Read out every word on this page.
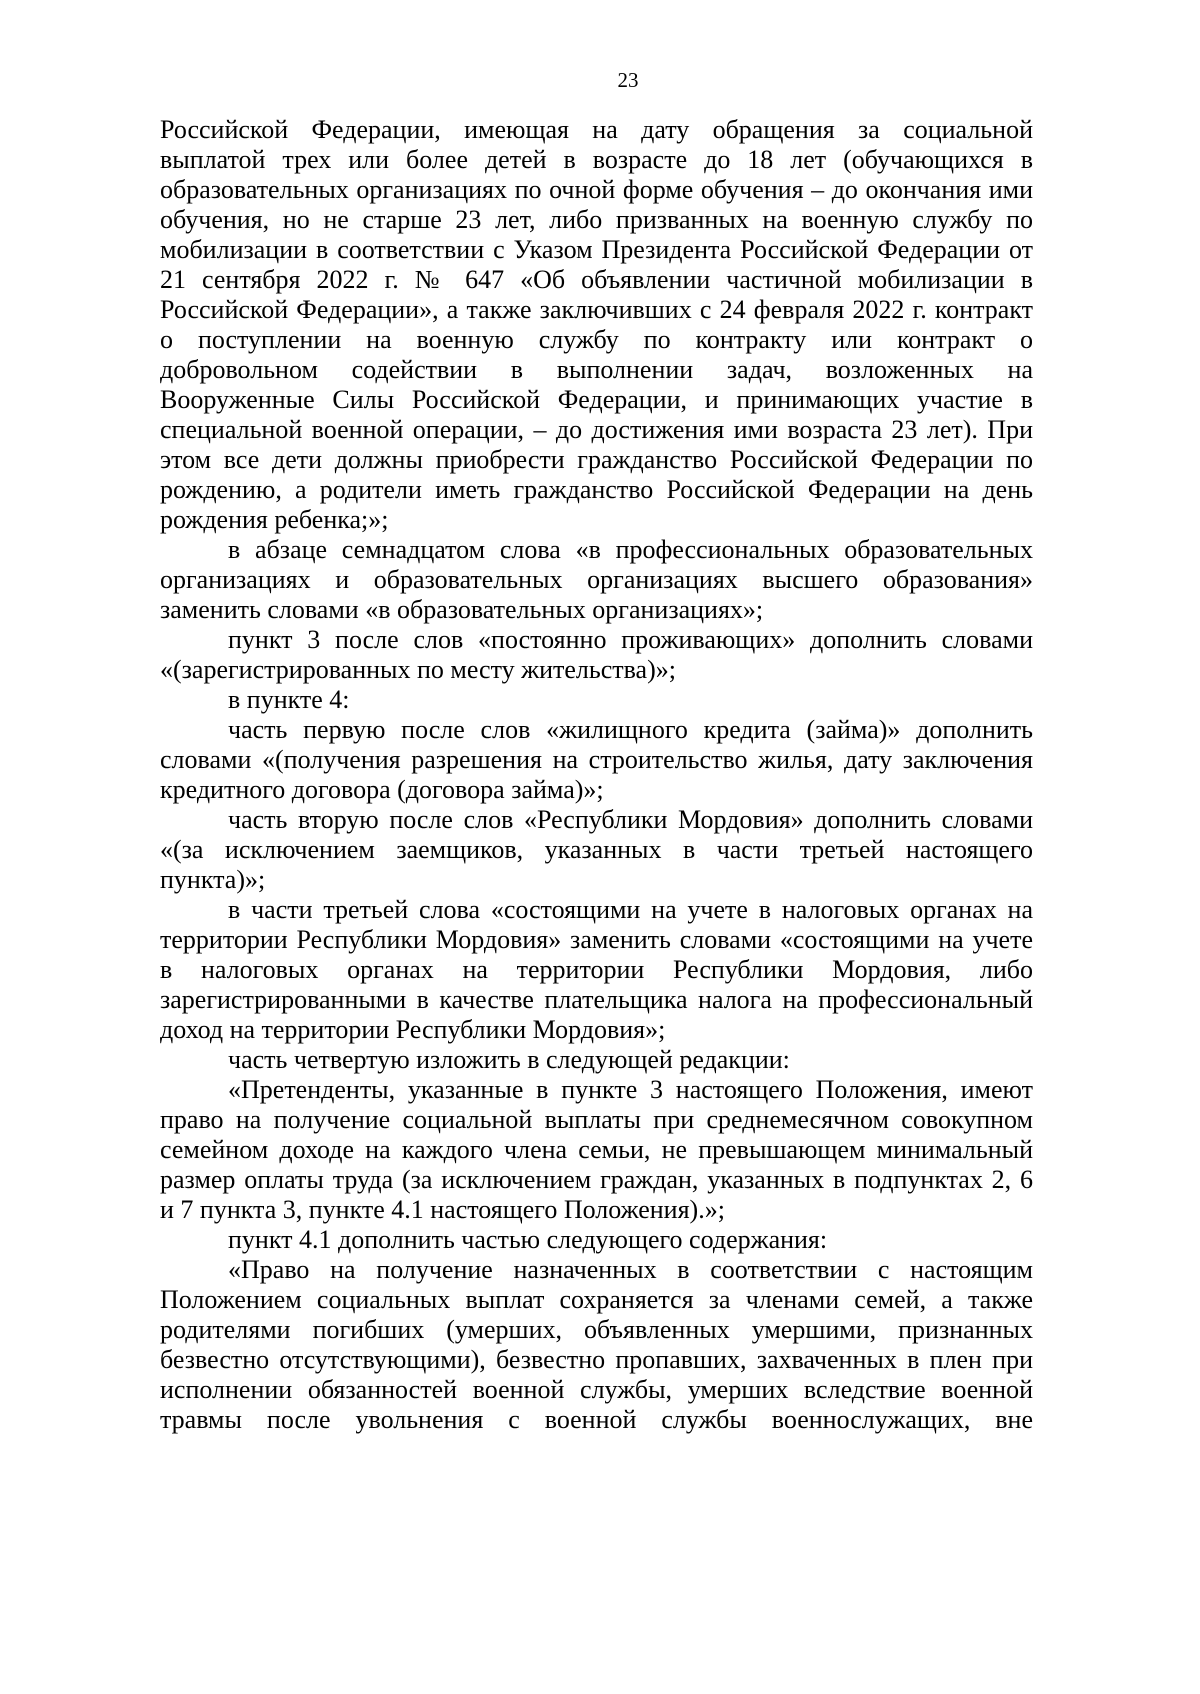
23
Российской Федерации, имеющая на дату обращения за социальной
выплатой трех или более детей в возрасте до 18 лет (обучающихся в
образовательных организациях по очной форме обучения – до окончания ими
обучения, но не старше 23 лет, либо призванных на военную службу по
мобилизации в соответствии с Указом Президента Российской Федерации от
21 сентября 2022 г. № 647 «Об объявлении частичной мобилизации в
Российской Федерации», а также заключивших с 24 февраля 2022 г. контракт
о поступлении на военную службу по контракту или контракт о
добровольном содействии в выполнении задач, возложенных на
Вооруженные Силы Российской Федерации, и принимающих участие в
специальной военной операции, – до достижения ими возраста 23 лет). При
этом все дети должны приобрести гражданство Российской Федерации по
рождению, а родители иметь гражданство Российской Федерации на день
рождения ребенка;»;
в абзаце семнадцатом слова «в профессиональных образовательных
организациях и образовательных организациях высшего образования»
заменить словами «в образовательных организациях»;
пункт 3 после слов «постоянно проживающих» дополнить словами
«(зарегистрированных по месту жительства)»;
в пункте 4:
часть первую после слов «жилищного кредита (займа)» дополнить
словами «(получения разрешения на строительство жилья, дату заключения
кредитного договора (договора займа)»;
часть вторую после слов «Республики Мордовия» дополнить словами
«(за исключением заемщиков, указанных в части третьей настоящего
пункта)»;
в части третьей слова «состоящими на учете в налоговых органах на
территории Республики Мордовия» заменить словами «состоящими на учете
в налоговых органах на территории Республики Мордовия, либо
зарегистрированными в качестве плательщика налога на профессиональный
доход на территории Республики Мордовия»;
часть четвертую изложить в следующей редакции:
«Претенденты, указанные в пункте 3 настоящего Положения, имеют
право на получение социальной выплаты при среднемесячном совокупном
семейном доходе на каждого члена семьи, не превышающем минимальный
размер оплаты труда (за исключением граждан, указанных в подпунктах 2, 6
и 7 пункта 3, пункте 4.1 настоящего Положения).»;
пункт 4.1 дополнить частью следующего содержания:
«Право на получение назначенных в соответствии с настоящим
Положением социальных выплат сохраняется за членами семей, а также
родителями погибших (умерших, объявленных умершими, признанных
безвестно отсутствующими), безвестно пропавших, захваченных в плен при
исполнении обязанностей военной службы, умерших вследствие военной
травмы после увольнения с военной службы военнослужащих, вне
